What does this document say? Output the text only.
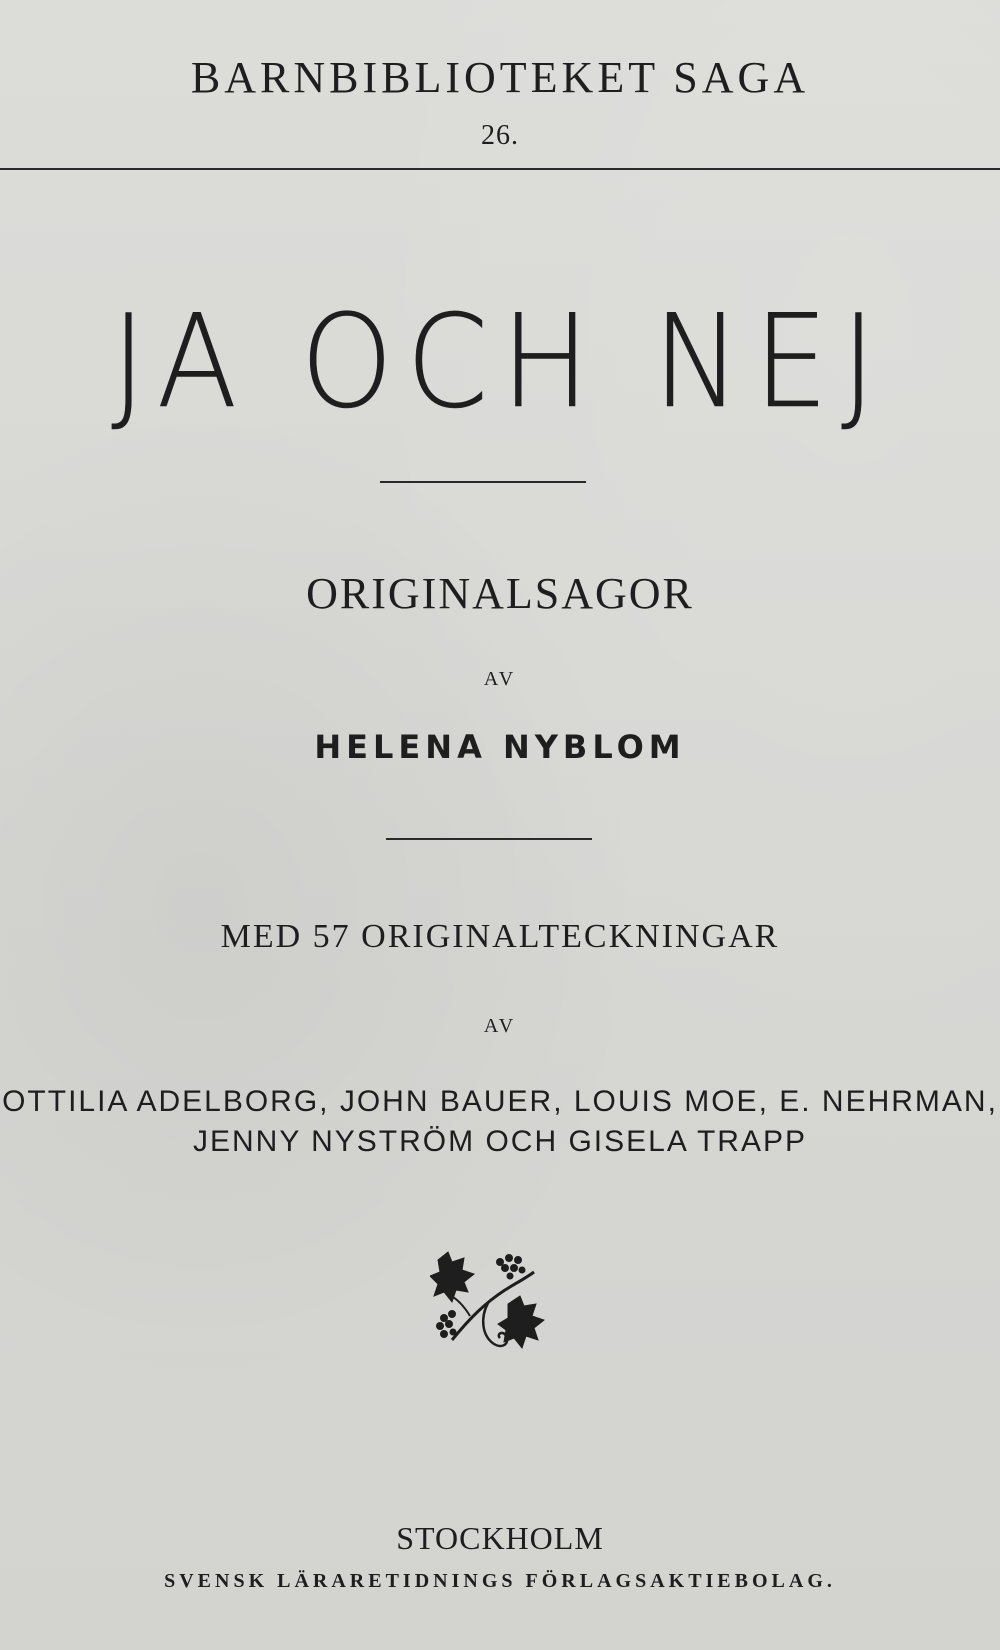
BARNBIBLIOTEKET SAGA
26.
JA OCH NEJ
ORIGINALSAGOR
AV
HELENA NYBLOM
MED 57 ORIGINALTECKNINGAR
AV
OTTILIA ADELBORG, JOHN BAUER, LOUIS MOE, E. NEHRMAN,
JENNY NYSTRÖM OCH GISELA TRAPP
STOCKHOLM
SVENSK LÄRARETIDNINGS FÖRLAGSAKTIEBOLAG.
